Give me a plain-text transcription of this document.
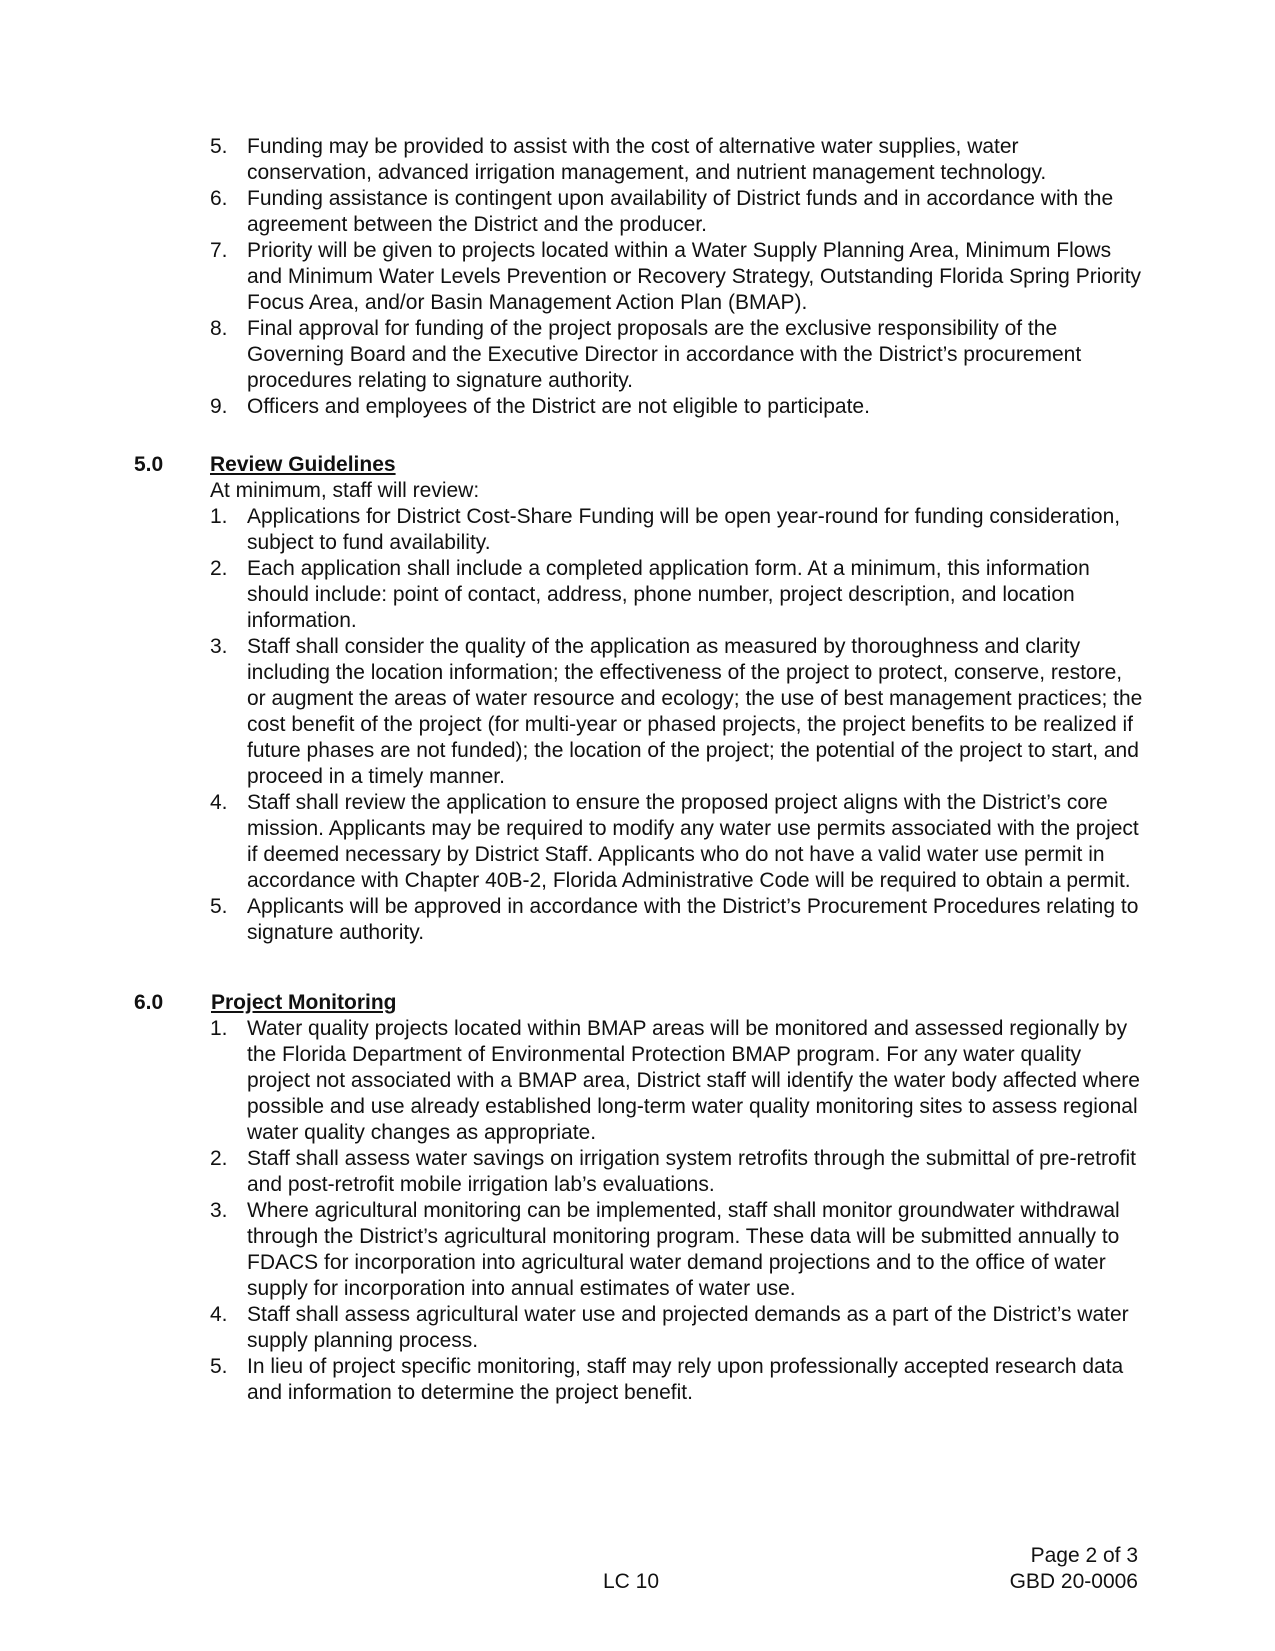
5. Funding may be provided to assist with the cost of alternative water supplies, water conservation, advanced irrigation management, and nutrient management technology.
6. Funding assistance is contingent upon availability of District funds and in accordance with the agreement between the District and the producer.
7. Priority will be given to projects located within a Water Supply Planning Area, Minimum Flows and Minimum Water Levels Prevention or Recovery Strategy, Outstanding Florida Spring Priority Focus Area, and/or Basin Management Action Plan (BMAP).
8. Final approval for funding of the project proposals are the exclusive responsibility of the Governing Board and the Executive Director in accordance with the District’s procurement procedures relating to signature authority.
9. Officers and employees of the District are not eligible to participate.
5.0 Review Guidelines
At minimum, staff will review:
1. Applications for District Cost-Share Funding will be open year-round for funding consideration, subject to fund availability.
2. Each application shall include a completed application form. At a minimum, this information should include: point of contact, address, phone number, project description, and location information.
3. Staff shall consider the quality of the application as measured by thoroughness and clarity including the location information; the effectiveness of the project to protect, conserve, restore, or augment the areas of water resource and ecology; the use of best management practices; the cost benefit of the project (for multi-year or phased projects, the project benefits to be realized if future phases are not funded); the location of the project; the potential of the project to start, and proceed in a timely manner.
4. Staff shall review the application to ensure the proposed project aligns with the District’s core mission. Applicants may be required to modify any water use permits associated with the project if deemed necessary by District Staff. Applicants who do not have a valid water use permit in accordance with Chapter 40B-2, Florida Administrative Code will be required to obtain a permit.
5. Applicants will be approved in accordance with the District’s Procurement Procedures relating to signature authority.
6.0 Project Monitoring
1. Water quality projects located within BMAP areas will be monitored and assessed regionally by the Florida Department of Environmental Protection BMAP program. For any water quality project not associated with a BMAP area, District staff will identify the water body affected where possible and use already established long-term water quality monitoring sites to assess regional water quality changes as appropriate.
2. Staff shall assess water savings on irrigation system retrofits through the submittal of pre-retrofit and post-retrofit mobile irrigation lab’s evaluations.
3. Where agricultural monitoring can be implemented, staff shall monitor groundwater withdrawal through the District’s agricultural monitoring program. These data will be submitted annually to FDACS for incorporation into agricultural water demand projections and to the office of water supply for incorporation into annual estimates of water use.
4. Staff shall assess agricultural water use and projected demands as a part of the District’s water supply planning process.
5. In lieu of project specific monitoring, staff may rely upon professionally accepted research data and information to determine the project benefit.
LC 10
Page 2 of 3
GBD 20-0006
